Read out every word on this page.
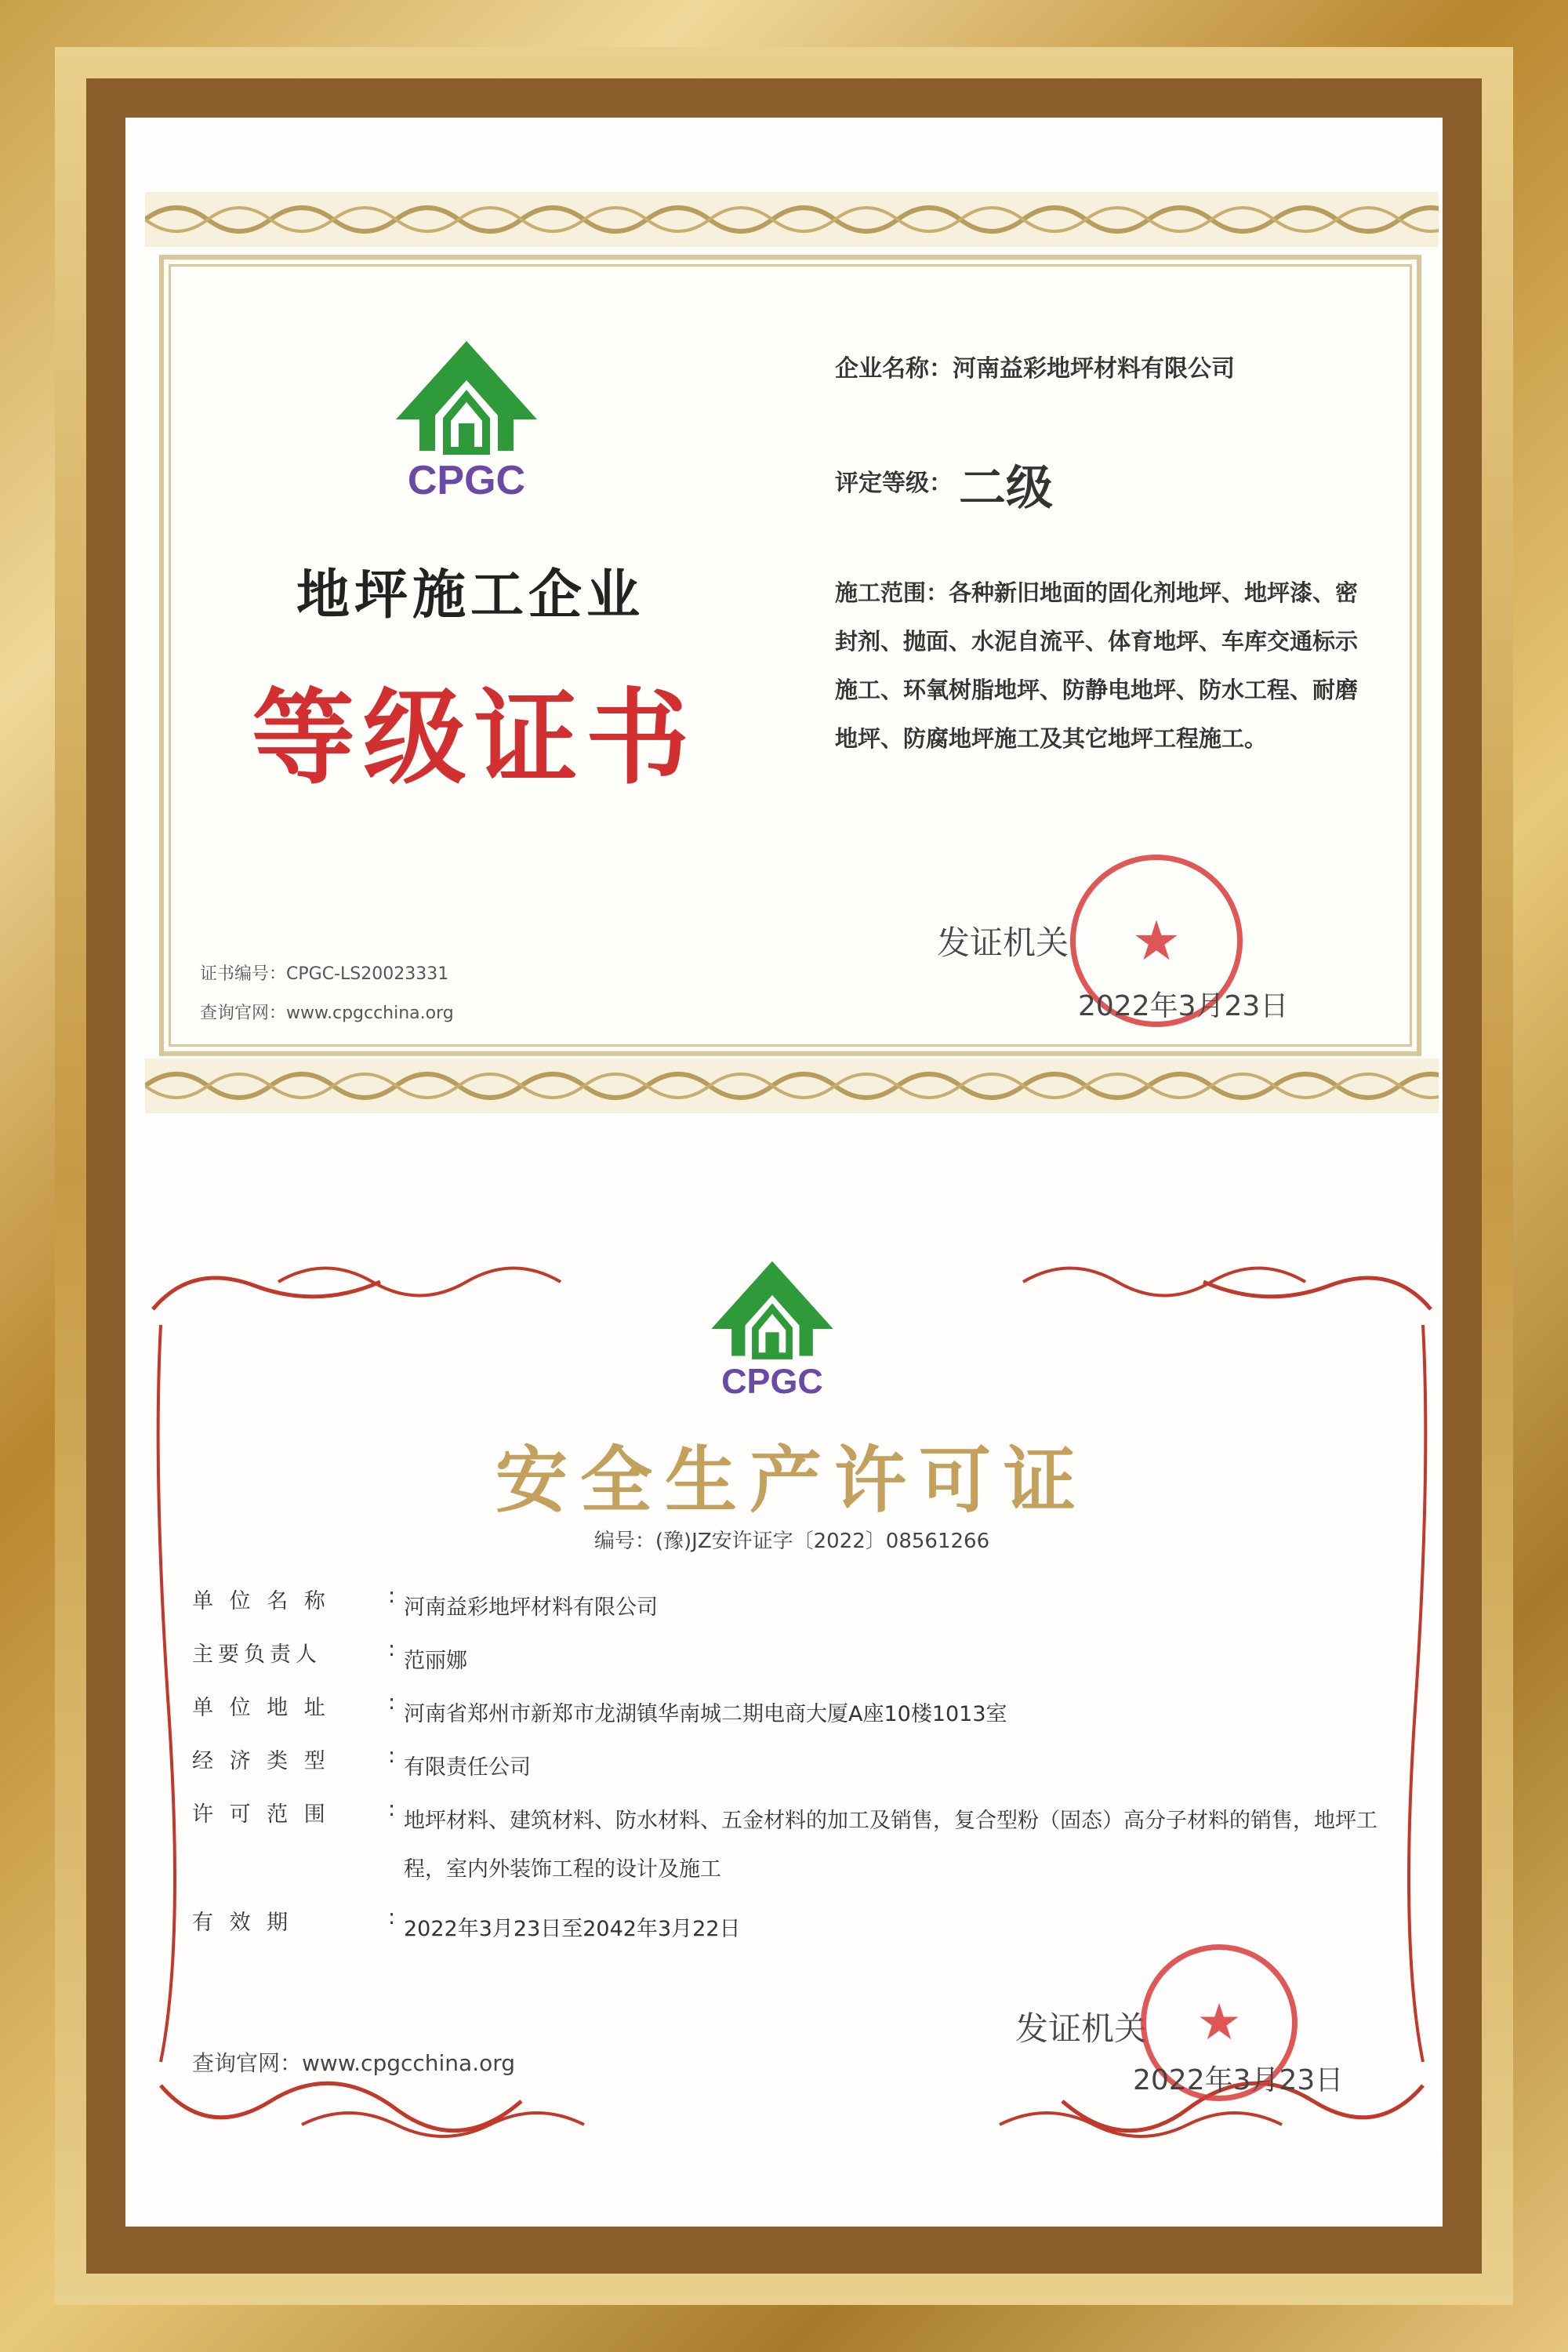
CPGC
地坪施工企业
等级证书
企业名称：河南益彩地坪材料有限公司
评定等级： 二级
施工范围：各种新旧地面的固化剂地坪、地坪漆、密封剂、抛面、水泥自流平、体育地坪、车库交通标示施工、环氧树脂地坪、防静电地坪、防水工程、耐磨地坪、防腐地坪施工及其它地坪工程施工。
证书编号：CPGC-LS20023331
查询官网：www.cpgcchina.org
发证机关	★
2022年3月23日
CPGC
安全生产许可证
编号：(豫)JZ安许证字〔2022〕08561266
单 位 名 称	: 河南益彩地坪材料有限公司
主要负责人	: 范丽娜
单 位 地 址	: 河南省郑州市新郑市龙湖镇华南城二期电商大厦A座10楼1013室
经 济 类 型	: 有限责任公司
许 可 范 围	: 地坪材料、建筑材料、防水材料、五金材料的加工及销售，复合型粉（固态）高分子材料的销售，地坪工程，室内外装饰工程的设计及施工
有 效 期	: 2022年3月23日至2042年3月22日
查询官网：www.cpgcchina.org
发证机关 ★
2022年3月23日
